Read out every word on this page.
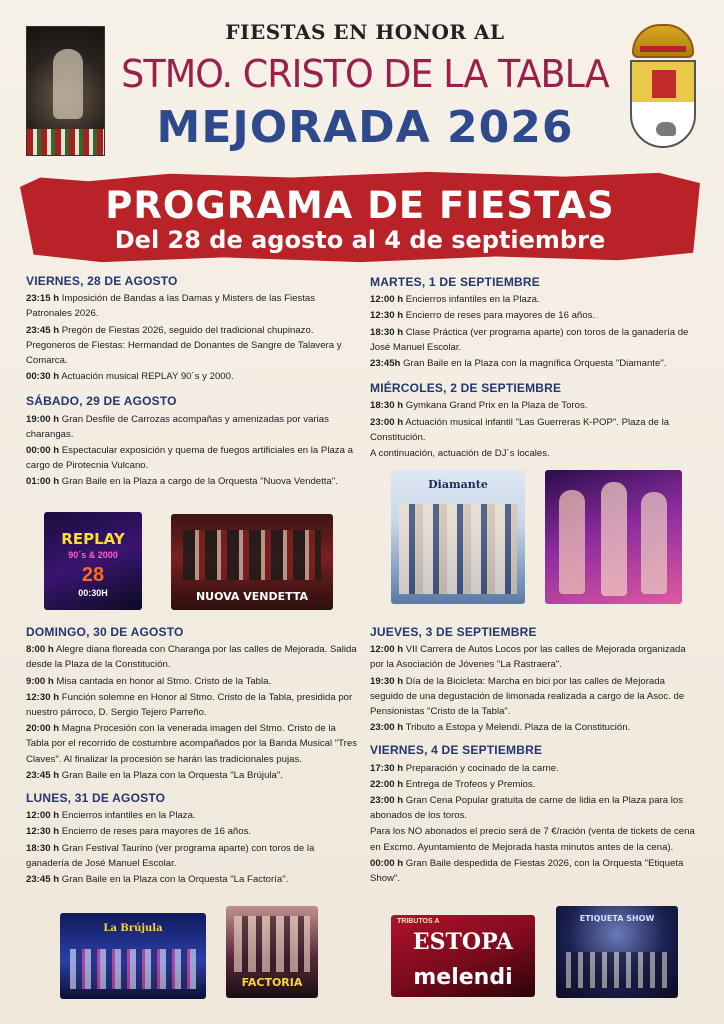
FIESTAS EN HONOR AL
STMO. CRISTO DE LA TABLA
MEJORADA 2026
PROGRAMA DE FIESTAS
Del 28 de agosto al 4 de septiembre
VIERNES, 28 DE AGOSTO
23:15 h Imposición de Bandas a las Damas y Misters de las Fiestas Patronales 2026.
23:45 h Pregón de Fiestas 2026, seguido del tradicional chupinazo. Pregoneros de Fiestas: Hermandad de Donantes de Sangre de Talavera y Comarca.
00:30 h Actuación musical REPLAY 90´s y 2000.
SÁBADO, 29 DE AGOSTO
19:00 h Gran Desfile de Carrozas acompañas y amenizadas por varias charangas.
00:00 h Espectacular exposición y quema de fuegos artificiales en la Plaza a cargo de Pirotecnia Vulcano.
01:00 h Gran Baile en la Plaza a cargo de la Orquesta "Nuova Vendetta".
REPLAY
90´s & 2000
28
00:30H	NUOVA VENDETTA
MARTES, 1 DE SEPTIEMBRE
12:00 h Encierros infantiles en la Plaza.
12:30 h Encierro de reses para mayores de 16 años.
18:30 h Clase Práctica (ver programa aparte) con toros de la ganadería de José Manuel Escolar.
23:45h Gran Baile en la Plaza con la magnífica Orquesta "Diamante".
MIÉRCOLES, 2 DE SEPTIEMBRE
18:30 h Gymkana Grand Prix en la Plaza de Toros.
23:00 h Actuación musical infantil "Las Guerreras K-POP". Plaza de la Constitución.
A continuación, actuación de DJ´s locales.
Diamante
DOMINGO, 30 DE AGOSTO
8:00 h Alegre diana floreada con Charanga por las calles de Mejorada. Salida desde la Plaza de la Constitución.
9:00 h Misa cantada en honor al Stmo. Cristo de la Tabla.
12:30 h Función solemne en Honor al Stmo. Cristo de la Tabla, presidida por nuestro párroco, D. Sergio Tejero Parreño.
20:00 h Magna Procesión con la venerada imagen del Stmo. Cristo de la Tabla por el recorrido de costumbre acompañados por la Banda Musical "Tres Claves". Al finalizar la procesión se harán las tradicionales pujas.
23:45 h Gran Baile en la Plaza con la Orquesta "La Brújula".
LUNES, 31 DE AGOSTO
12:00 h Encierros infantiles en la Plaza.
12:30 h Encierro de reses para mayores de 16 años.
18:30 h Gran Festival Taurino (ver programa aparte) con toros de la ganadería de José Manuel Escolar.
23:45 h Gran Baile en la Plaza con la Orquesta "La Factoría".
JUEVES, 3 DE SEPTIEMBRE
12:00 h VII Carrera de Autos Locos por las calles de Mejorada organizada por la Asociación de Jóvenes "La Rastraera".
19:30 h Día de la Bicicleta: Marcha en bici por las calles de Mejorada seguido de una degustación de limonada realizada a cargo de la Asoc. de Pensionistas "Cristo de la Tabla".
23:00 h Tributo a Estopa y Melendi. Plaza de la Constitución.
VIERNES, 4 DE SEPTIEMBRE
17:30 h Preparación y cocinado de la carne.
22:00 h Entrega de Trofeos y Premios.
23:00 h Gran Cena Popular gratuita de carne de lidia en la Plaza para los abonados de los toros.
Para los NO abonados el precio será de 7 €/ración (venta de tickets de cena en Excmo. Ayuntamiento de Mejorada hasta minutos antes de la cena).
00:00 h Gran Baile despedida de Fiestas 2026, con la Orquesta "Etiqueta Show".
La Brújula
FACTORIA
TRIBUTOS A
ESTOPA
melendi
ETIQUETA SHOW
